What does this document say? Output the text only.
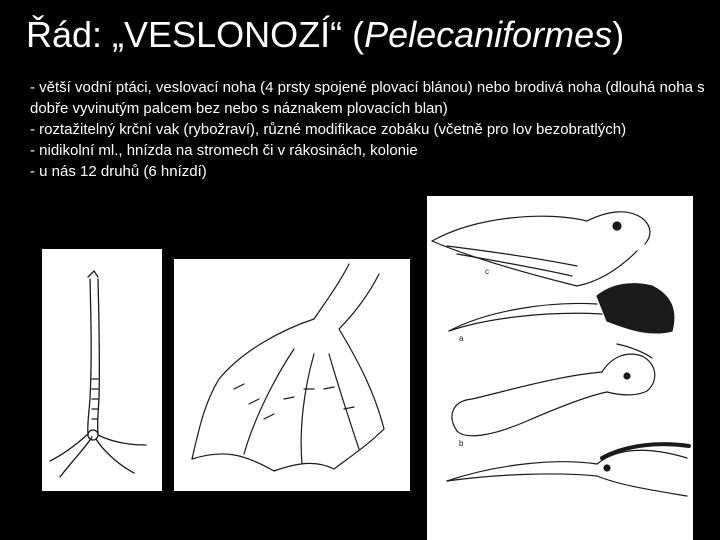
Řád: „VESLONOZÍ“ (Pelecaniformes)
- větší vodní ptáci, veslovací noha (4 prsty spojené plovací blánou) nebo brodivá noha (dlouhá noha s dobře vyvinutým palcem bez nebo s náznakem plovacích blan)
- roztažitelný krční vak (rybožraví), různé modifikace zobáku (včetně pro lov bezobratlých)
- nidikolní ml., hnízda na stromech či v rákosinách, kolonie
- u nás 12 druhů (6 hnízdí)
c
a
b
